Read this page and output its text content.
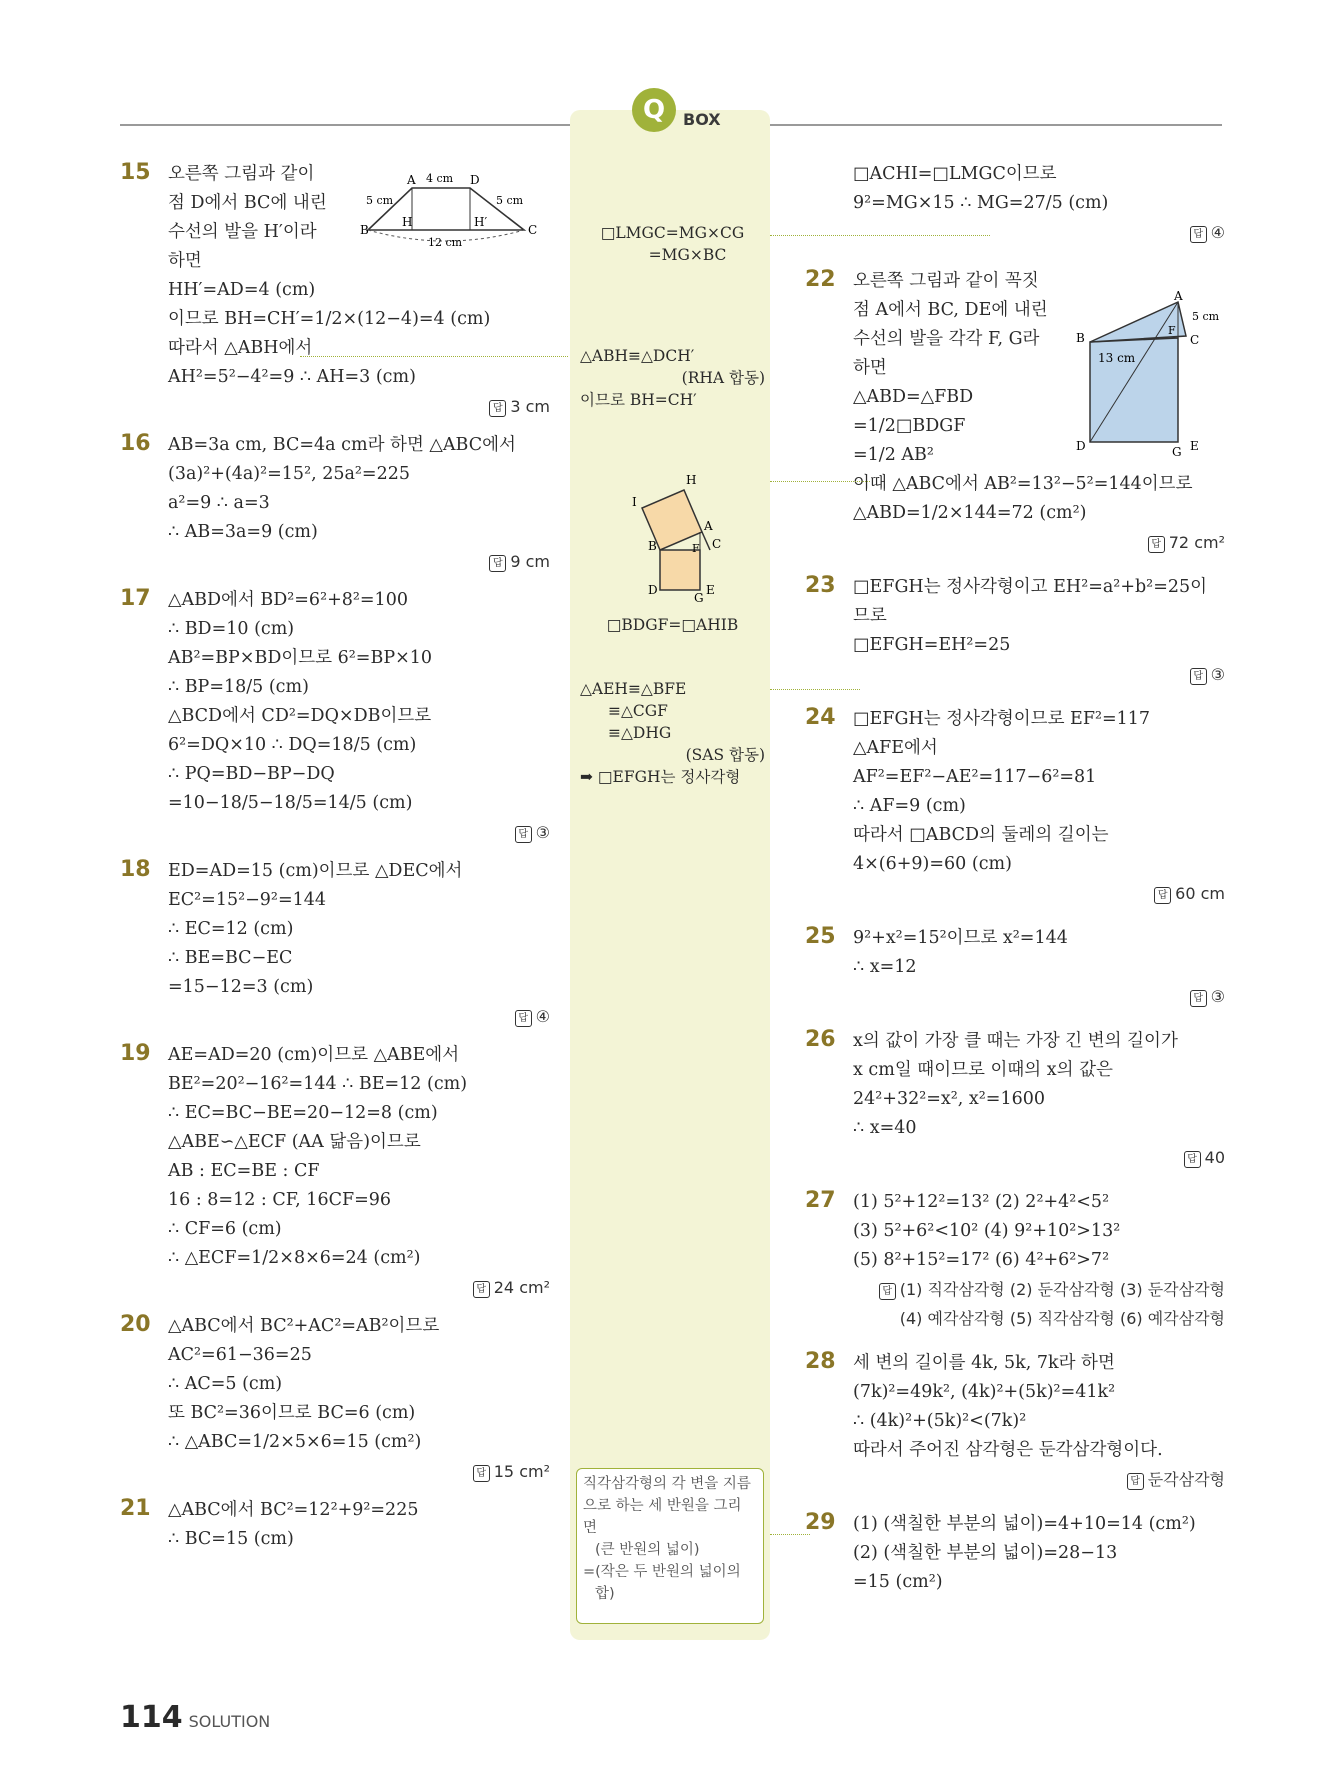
Q	BOX
15 오른쪽 그림과 같이
점 D에서 BC에 내린
수선의 발을 H′이라
하면
HH′=AD=4 (cm)
이므로 BH=CH′=1/2×(12−4)=4 (cm)
따라서 △ABH에서
AH²=5²−4²=9 ∴ AH=3 (cm)
답 3 cm
16 AB=3a cm, BC=4a cm라 하면 △ABC에서
(3a)²+(4a)²=15², 25a²=225
a²=9 ∴ a=3
∴ AB=3a=9 (cm)
답 9 cm
17 △ABD에서 BD²=6²+8²=100
∴ BD=10 (cm)
AB²=BP×BD이므로 6²=BP×10
∴ BP=18/5 (cm)
△BCD에서 CD²=DQ×DB이므로
6²=DQ×10 ∴ DQ=18/5 (cm)
∴ PQ=BD−BP−DQ
=10−18/5−18/5=14/5 (cm)
답 ③
18 ED=AD=15 (cm)이므로 △DEC에서
EC²=15²−9²=144
∴ EC=12 (cm)
∴ BE=BC−EC
=15−12=3 (cm)
답 ④
19 AE=AD=20 (cm)이므로 △ABE에서
BE²=20²−16²=144 ∴ BE=12 (cm)
∴ EC=BC−BE=20−12=8 (cm)
△ABE∽△ECF (AA 닮음)이므로
AB : EC=BE : CF
16 : 8=12 : CF, 16CF=96
∴ CF=6 (cm)
∴ △ECF=1/2×8×6=24 (cm²)
답 24 cm²
20 △ABC에서 BC²+AC²=AB²이므로
AC²=61−36=25
∴ AC=5 (cm)
또 BC²=36이므로 BC=6 (cm)
∴ △ABC=1/2×5×6=15 (cm²)
답 15 cm²
21 △ABC에서 BC²=12²+9²=225
∴ BC=15 (cm)
□ACHI=□LMGC이므로
9²=MG×15 ∴ MG=27/5 (cm)
답 ④
22 오른쪽 그림과 같이 꼭짓
점 A에서 BC, DE에 내린
수선의 발을 각각 F, G라
하면
△ABD=△FBD
=1/2□BDGF
=1/2 AB²
이때 △ABC에서 AB²=13²−5²=144이므로
△ABD=1/2×144=72 (cm²)
답 72 cm²
23 □EFGH는 정사각형이고 EH²=a²+b²=25이
므로
□EFGH=EH²=25
답 ③
24 □EFGH는 정사각형이므로 EF²=117
△AFE에서
AF²=EF²−AE²=117−6²=81
∴ AF=9 (cm)
따라서 □ABCD의 둘레의 길이는
4×(6+9)=60 (cm)
답 60 cm
25 9²+x²=15²이므로 x²=144
∴ x=12
답 ③
26 x의 값이 가장 클 때는 가장 긴 변의 길이가
x cm일 때이므로 이때의 x의 값은
24²+32²=x², x²=1600
∴ x=40
답 40
27 (1) 5²+12²=13² (2) 2²+4²<5²
(3) 5²+6²<10² (4) 9²+10²>13²
(5) 8²+15²=17² (6) 4²+6²>7²
답 (1) 직각삼각형 (2) 둔각삼각형 (3) 둔각삼각형 (4) 예각삼각형 (5) 직각삼각형 (6) 예각삼각형
28 세 변의 길이를 4k, 5k, 7k라 하면
(7k)²=49k², (4k)²+(5k)²=41k²
∴ (4k)²+(5k)²<(7k)²
따라서 주어진 삼각형은 둔각삼각형이다.
답 둔각삼각형
29 (1) (색칠한 부분의 넓이)=4+10=14 (cm²)
(2) (색칠한 부분의 넓이)=28−13
=15 (cm²)
□LMGC=MG×CG
=MG×BC
△ABH≡△DCH′
(RHA 합동)
이므로 BH=CH′
H
I
A
B	C
F
D
G
E
□BDGF=□AHIB
△AEH≡△BFE
≡△CGF
≡△DHG
(SAS 합동)
➡ □EFGH는 정사각형
직각삼각형의 각 변을 지름
으로 하는 세 반원을 그리
면
(큰 반원의 넓이)
=(작은 두 반원의 넓이의
합)
A	D
B	C
H	H′
4 cm
5 cm	5 cm
12 cm
A
B	C
D	E
F
G
13 cm
5 cm
114 SOLUTION
